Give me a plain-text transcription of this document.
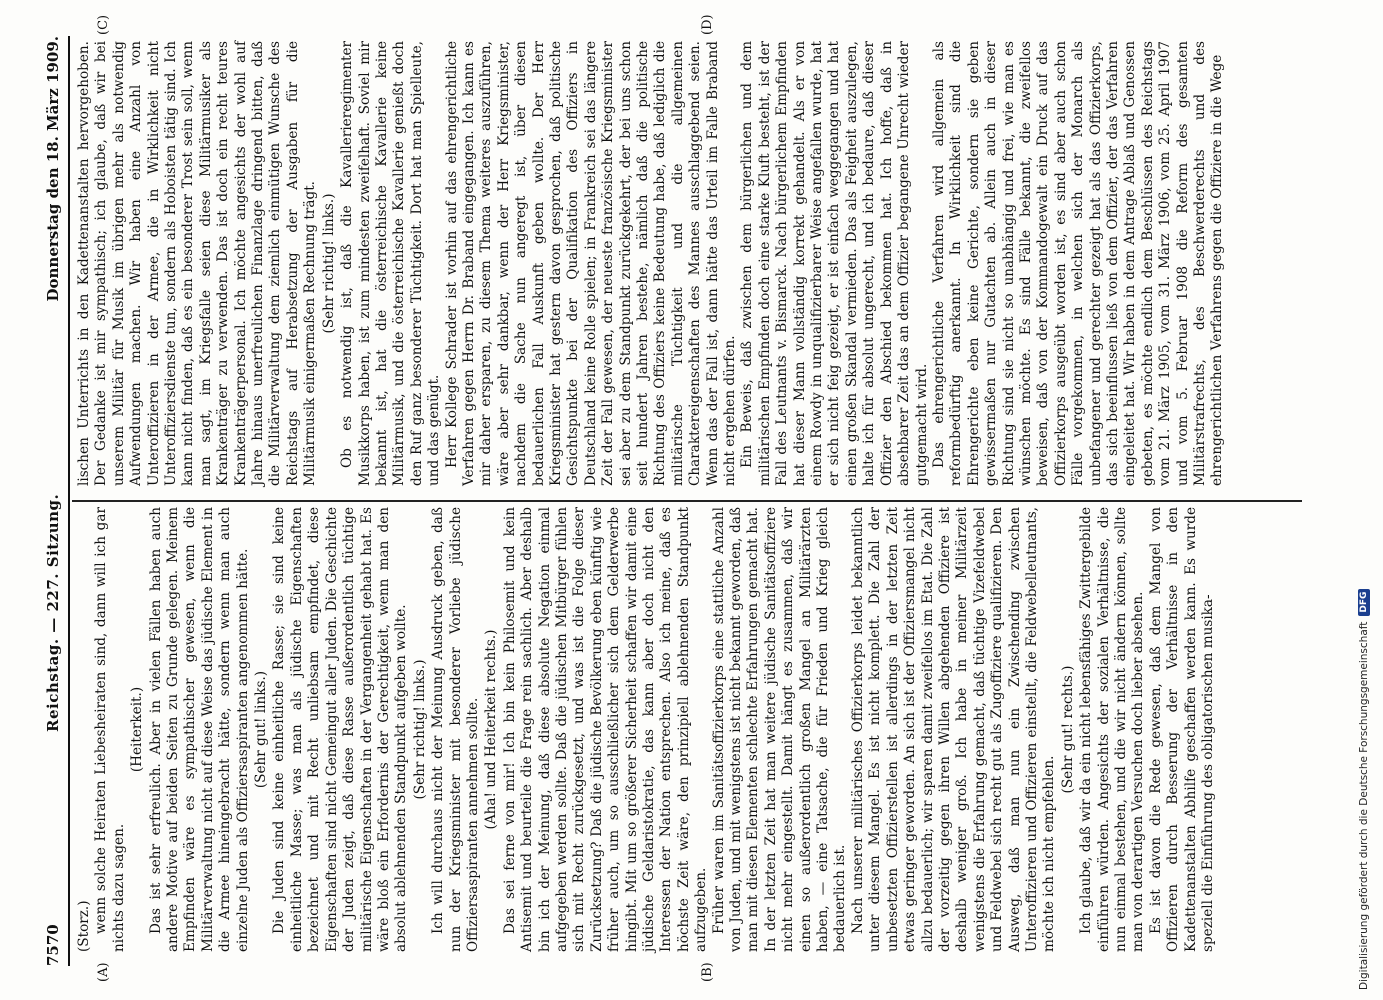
7570
Reichstag. — 227. Sitzung.
Donnerstag den 18. März 1909.
(A)	(B)
(C)	(D)
(Storz.) wenn solche Heiraten Liebesheiraten sind, dann will ich gar nichts dazu sagen.

(Heiterkeit.) Das ist sehr erfreulich. Aber in vielen Fällen haben auch andere Motive auf beiden Seiten zu Grunde gelegen. Meinem Empfinden wäre es sympathischer gewesen, wenn die Militärverwaltung nicht auf diese Weise das jüdische Element in die Armee hineingebracht hätte, sondern wenn man auch einzelne Juden als Offiziersaspiranten angenommen hätte. (Sehr gut! links.) Die Juden sind keine einheitliche Rasse; sie sind keine einheitliche Masse; was man als jüdische Eigenschaften bezeichnet und mit Recht unliebsam empfindet, diese Eigenschaften sind nicht Gemeingut aller Juden. Die Geschichte der Juden zeigt, daß diese Rasse außerordentlich tüchtige militärische Eigenschaften in der Vergangenheit gehabt hat. Es wäre bloß ein Erfordernis der Gerechtigkeit, wenn man den absolut ablehnenden Standpunkt aufgeben wollte. (Sehr richtig! links.) Ich will durchaus nicht der Meinung Ausdruck geben, daß nun der Kriegsminister mit besonderer Vorliebe jüdische Offiziersaspiranten annehmen sollte. (Aha! und Heiterkeit rechts.) Das sei ferne von mir! Ich bin kein Philosemit und kein Antisemit und beurteile die Frage rein sachlich. Aber deshalb bin ich der Meinung, daß diese absolute Negation einmal aufgegeben werden sollte. Daß die jüdischen Mitbürger fühlen sich mit Recht zurückgesetzt, und was ist die Folge dieser Zurücksetzung? Daß die jüdische Bevölkerung eben künftig wie früher auch, um so ausschließlicher sich dem Gelderwerbe hingibt. Mit um so größerer Sicherheit schaffen wir damit eine jüdische Geldaristokratie, das kann aber doch nicht den Interessen der Nation entsprechen. Also ich meine, daß es höchste Zeit wäre, den prinzipiell ablehnenden Standpunkt aufzugeben. Früher waren im Sanitätsoffizierkorps eine stattliche Anzahl von Juden, und mit wenigstens ist nicht bekannt geworden, daß man mit diesen Elementen schlechte Erfahrungen gemacht hat. In der letzten Zeit hat man weitere jüdische Sanitätsoffiziere nicht mehr eingestellt. Damit hängt es zusammen, daß wir einen so außerordentlich großen Mangel an Militärärzten haben, — eine Tatsache, die für Frieden und Krieg gleich bedauerlich ist. Nach unserer militärisches Offizierkorps leidet bekanntlich unter diesem Mangel. Es ist nicht komplett. Die Zahl der unbesetzten Offizierstellen ist allerdings in der letzten Zeit etwas geringer geworden. An sich ist der Offiziersmangel nicht allzu bedauerlich; wir sparen damit zweifellos im Etat. Die Zahl der vorzeitig gegen ihren Willen abgehenden Offiziere ist deshalb weniger groß. Ich habe in meiner Militärzeit wenigstens die Erfahrung gemacht, daß tüchtige Vizefeldwebel und Feldwebel sich recht gut als Zugoffiziere qualifizieren. Den Ausweg, daß man nun ein Zwischending zwischen Unteroffizieren und Offizieren einstellt, die Feldwebelleutnants, möchte ich nicht empfehlen.

(Sehr gut! rechts.) Ich glaube, daß wir da ein nicht lebensfähiges Zwittergebilde einführen würden. Angesichts der sozialen Verhältnisse, die nun einmal bestehen, und die wir nicht ändern können, sollte man von derartigen Versuchen doch lieber absehen. Es ist davon die Rede gewesen, daß dem Mangel von Offizieren durch Besserung der Verhältnisse in den Kadettenanstalten Abhilfe geschaffen werden kann. Es wurde speziell die Einführung des obligatorischen musika-

lischen Unterrichts in den Kadettenanstalten hervorgehoben. Der Gedanke ist mir sympathisch; ich glaube, daß wir bei unserem Militär für Musik im übrigen mehr als notwendig Aufwendungen machen. Wir haben eine Anzahl von Unteroffizieren in der Armee, die in Wirklichkeit nicht Unteroffiziersdienste tun, sondern als Hoboisten tätig sind. Ich kann nicht finden, daß es ein besonderer Trost sein soll, wenn man sagt, im Kriegsfalle seien diese Militärmusiker als Krankenträger zu verwenden. Das ist doch ein recht teures Krankenträgerpersonal. Ich möchte angesichts der wohl auf Jahre hinaus unerfreulichen Finanzlage dringend bitten, daß die Militärverwaltung dem ziemlich einmütigen Wunsche des Reichstags auf Herabsetzung der Ausgaben für die Militärmusik einigermaßen Rechnung trägt. (Sehr richtig! links.) Ob es notwendig ist, daß die Kavallerieregimenter Musikkorps haben, ist zum mindesten zweifelhaft. Soviel mir bekannt ist, hat die österreichische Kavallerie keine Militärmusik, und die österreichische Kavallerie genießt doch den Ruf ganz besonderer Tüchtigkeit. Dort hat man Spielleute, und das genügt. Herr Kollege Schrader ist vorhin auf das ehrengerichtliche Verfahren gegen Herrn Dr. Braband eingegangen. Ich kann es mir daher ersparen, zu diesem Thema weiteres auszuführen, wäre aber sehr dankbar, wenn der Herr Kriegsminister, nachdem die Sache nun angeregt ist, über diesen bedauerlichen Fall Auskunft geben wollte. Der Herr Kriegsminister hat gestern davon gesprochen, daß politische Gesichtspunkte bei der Qualifikation des Offiziers in Deutschland keine Rolle spielen; in Frankreich sei das längere Zeit der Fall gewesen, der neueste französische Kriegsminister sei aber zu dem Standpunkt zurückgekehrt, der bei uns schon seit hundert Jahren bestehe, nämlich daß die politische Richtung des Offiziers keine Bedeutung habe, daß lediglich die militärische Tüchtigkeit und die allgemeinen Charaktereigenschaften des Mannes ausschlaggebend seien. Wenn das der Fall ist, dann hätte das Urteil im Falle Braband nicht ergehen dürfen. Ein Beweis, daß zwischen dem bürgerlichen und dem militärischen Empfinden doch eine starke Kluft besteht, ist der Fall des Leutnants v. Bismarck. Nach bürgerlichem Empfinden hat dieser Mann vollständig korrekt gehandelt. Als er von einem Rowdy in unqualifizierbarer Weise angefallen wurde, hat er sich nicht feig gezeigt, er ist einfach weggegangen und hat einen großen Skandal vermieden. Das als Feigheit auszulegen, halte ich für absolut ungerecht, und ich bedaure, daß dieser Offizier den Abschied bekommen hat. Ich hoffe, daß in absehbarer Zeit das an dem Offizier begangene Unrecht wieder gutgemacht wird. Das ehrengerichtliche Verfahren wird allgemein als reformbedürftig anerkannt. In Wirklichkeit sind die Ehrengerichte eben keine Gerichte, sondern sie geben gewissermaßen nur Gutachten ab. Allein auch in dieser Richtung sind sie nicht so unabhängig und frei, wie man es wünschen möchte. Es sind Fälle bekannt, die zweifellos beweisen, daß von der Kommandogewalt ein Druck auf das Offizierkorps ausgeübt worden ist, es sind aber auch schon Fälle vorgekommen, in welchen sich der Monarch als unbefangener und gerechter gezeigt hat als das Offizierkorps, das sich beeinflussen ließ von dem Offizier, der das Verfahren eingeleitet hat. Wir haben in dem Antrage Ablaß und Genossen gebeten, es möchte endlich dem Beschlüssen des Reichstags vom 21. März 1905, vom 31. März 1906, vom 25. April 1907 und vom 5. Februar 1908 die Reform des gesamten Militärstrafrechts, des Beschwerderechts und des ehrengerichtlichen Verfahrens gegen die Offiziere in die Wege

Digitalisierung gefördert durch die Deutsche Forschungsgemeinschaft
DFG
